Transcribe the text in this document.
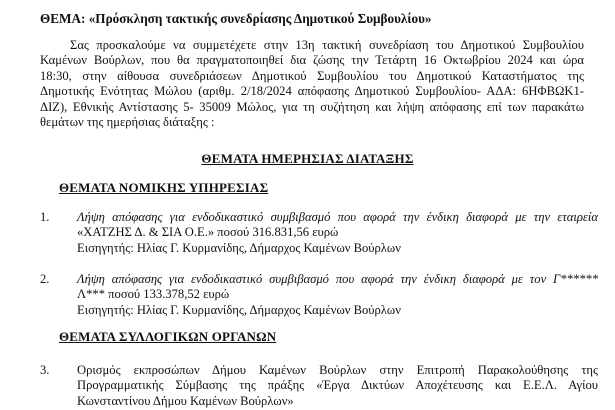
ΘΕΜΑ: «Πρόσκληση τακτικής συνεδρίασης Δημοτικού Συμβουλίου»
Σας προσκαλούμε να συμμετέχετε στην 13η τακτική συνεδρίαση του Δημοτικού Συμβουλίου
Καμένων Βούρλων, που θα πραγματοποιηθεί δια ζώσης την Τετάρτη 16 Οκτωβρίου 2024 και ώρα
18:30, στην αίθουσα συνεδριάσεων Δημοτικού Συμβουλίου του Δημοτικού Καταστήματος της
Δημοτικής Ενότητας Μώλου (αριθμ. 2/18/2024 απόφασης Δημοτικού Συμβουλίου- ΑΔΑ: 6ΗΦΒΩΚ1-
ΔΙΖ), Εθνικής Αντίστασης 5- 35009 Μώλος, για τη συζήτηση και λήψη απόφασης επί των παρακάτω
θεμάτων της ημερήσιας διάταξης :
ΘΕΜΑΤΑ ΗΜΕΡΗΣΙΑΣ ΔΙΑΤΑΞΗΣ
ΘΕΜΑΤΑ ΝΟΜΙΚΗΣ ΥΠΗΡΕΣΙΑΣ
1. Λήψη απόφασης για ενδοδικαστικό συμβιβασμό που αφορά την ένδικη διαφορά με την εταιρεία
«ΧΑΤΖΗΣ Δ. & ΣΙΑ Ο.Ε.» ποσού 316.831,56 ευρώ
Εισηγητής: Ηλίας Γ. Κυρμανίδης, Δήμαρχος Καμένων Βούρλων
2. Λήψη απόφασης για ενδοδικαστικό συμβιβασμό που αφορά την ένδικη διαφορά με τον Γ******
Λ*** ποσού 133.378,52 ευρώ
Εισηγητής: Ηλίας Γ. Κυρμανίδης, Δήμαρχος Καμένων Βούρλων
ΘΕΜΑΤΑ ΣΥΛΛΟΓΙΚΩΝ ΟΡΓΑΝΩΝ
3. Ορισμός εκπροσώπων Δήμου Καμένων Βούρλων στην Επιτροπή Παρακολούθησης της
Προγραμματικής Σύμβασης της πράξης «Έργα Δικτύων Αποχέτευσης και Ε.Ε.Λ. Αγίου
Κωνσταντίνου Δήμου Καμένων Βούρλων»
